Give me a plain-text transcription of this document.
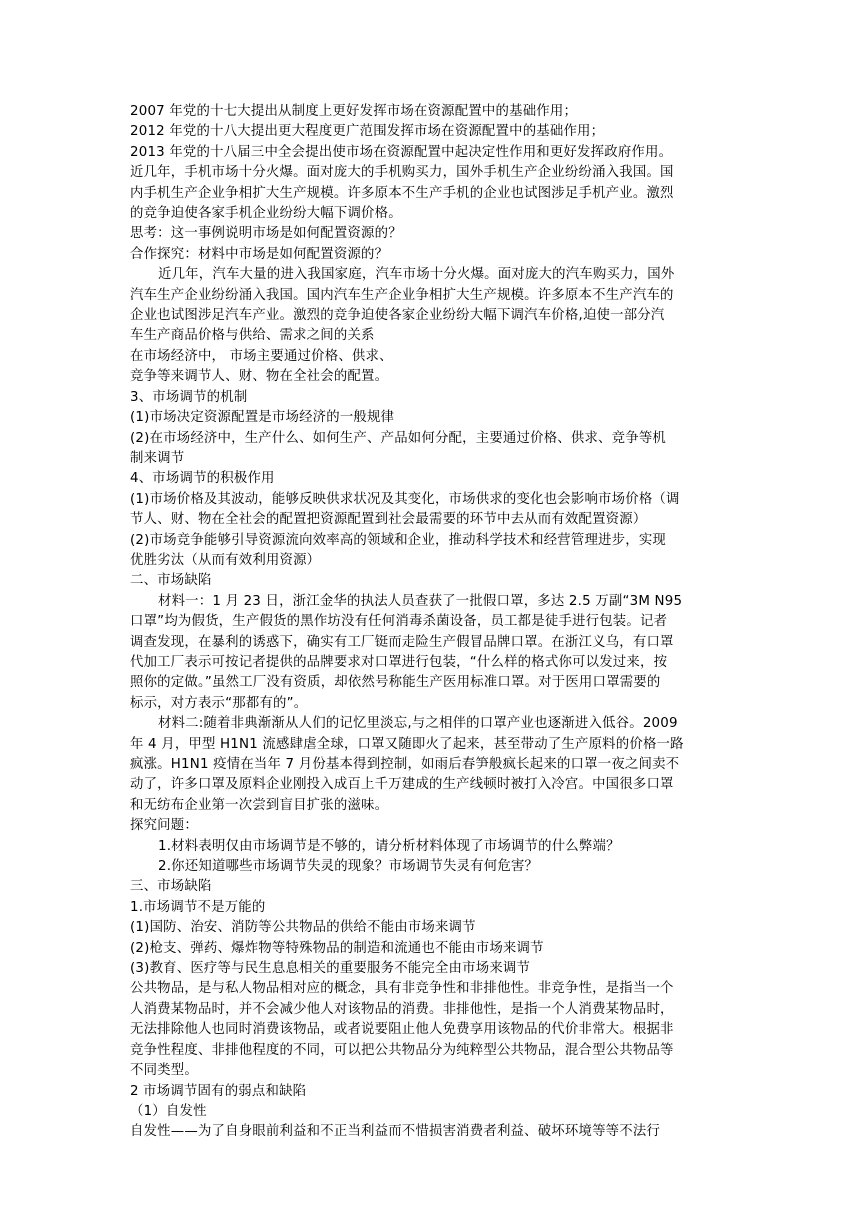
2007 年党的十七大提出从制度上更好发挥市场在资源配置中的基础作用；
2012 年党的十八大提出更大程度更广范围发挥市场在资源配置中的基础作用；
2013 年党的十八届三中全会提出使市场在资源配置中起决定性作用和更好发挥政府作用。
近几年，手机市场十分火爆。面对庞大的手机购买力，国外手机生产企业纷纷涌入我国。国
内手机生产企业争相扩大生产规模。许多原本不生产手机的企业也试图涉足手机产业。激烈
的竞争迫使各家手机企业纷纷大幅下调价格。
思考：这一事例说明市场是如何配置资源的？
合作探究：材料中市场是如何配置资源的？
近几年，汽车大量的进入我国家庭，汽车市场十分火爆。面对庞大的汽车购买力，国外
汽车生产企业纷纷涌入我国。国内汽车生产企业争相扩大生产规模。许多原本不生产汽车的
企业也试图涉足汽车产业。激烈的竞争迫使各家企业纷纷大幅下调汽车价格,迫使一部分汽
车生产商品价格与供给、需求之间的关系
在市场经济中， 市场主要通过价格、供求、
竞争等来调节人、财、物在全社会的配置。
3、市场调节的机制
(1)市场决定资源配置是市场经济的一般规律
(2)在市场经济中，生产什么、如何生产、产品如何分配，主要通过价格、供求、竞争等机
制来调节
4、市场调节的积极作用
(1)市场价格及其波动，能够反映供求状况及其变化，市场供求的变化也会影响市场价格（调
节人、财、物在全社会的配置把资源配置到社会最需要的环节中去从而有效配置资源）
(2)市场竞争能够引导资源流向效率高的领域和企业，推动科学技术和经营管理进步，实现
优胜劣汰（从而有效利用资源）
二、市场缺陷
材料一：1 月 23 日，浙江金华的执法人员查获了一批假口罩，多达 2.5 万副“3M N95
口罩”均为假货，生产假货的黑作坊没有任何消毒杀菌设备，员工都是徒手进行包装。记者
调查发现，在暴利的诱惑下，确实有工厂铤而走险生产假冒品牌口罩。在浙江义乌，有口罩
代加工厂表示可按记者提供的品牌要求对口罩进行包装，“什么样的格式你可以发过来，按
照你的定做。”虽然工厂没有资质，却依然号称能生产医用标准口罩。对于医用口罩需要的
标示，对方表示“那都有的”。
材料二:随着非典渐渐从人们的记忆里淡忘,与之相伴的口罩产业也逐渐进入低谷。2009
年 4 月，甲型 H1N1 流感肆虐全球，口罩又随即火了起来，甚至带动了生产原料的价格一路
疯涨。H1N1 疫情在当年 7 月份基本得到控制，如雨后春笋般疯长起来的口罩一夜之间卖不
动了，许多口罩及原料企业刚投入成百上千万建成的生产线顿时被打入冷宫。中国很多口罩
和无纺布企业第一次尝到盲目扩张的滋味。
探究问题：
1.材料表明仅由市场调节是不够的，请分析材料体现了市场调节的什么弊端？
2.你还知道哪些市场调节失灵的现象？市场调节失灵有何危害？
三、市场缺陷
1.市场调节不是万能的
(1)国防、治安、消防等公共物品的供给不能由市场来调节
(2)枪支、弹药、爆炸物等特殊物品的制造和流通也不能由市场来调节
(3)教育、医疗等与民生息息相关的重要服务不能完全由市场来调节
公共物品，是与私人物品相对应的概念，具有非竞争性和非排他性。非竞争性，是指当一个
人消费某物品时，并不会减少他人对该物品的消费。非排他性，是指一个人消费某物品时，
无法排除他人也同时消费该物品，或者说要阻止他人免费享用该物品的代价非常大。根据非
竞争性程度、非排他程度的不同，可以把公共物品分为纯粹型公共物品，混合型公共物品等
不同类型。
2 市场调节固有的弱点和缺陷
（1）自发性
自发性——为了自身眼前利益和不正当利益而不惜损害消费者利益、破坏环境等等不法行
